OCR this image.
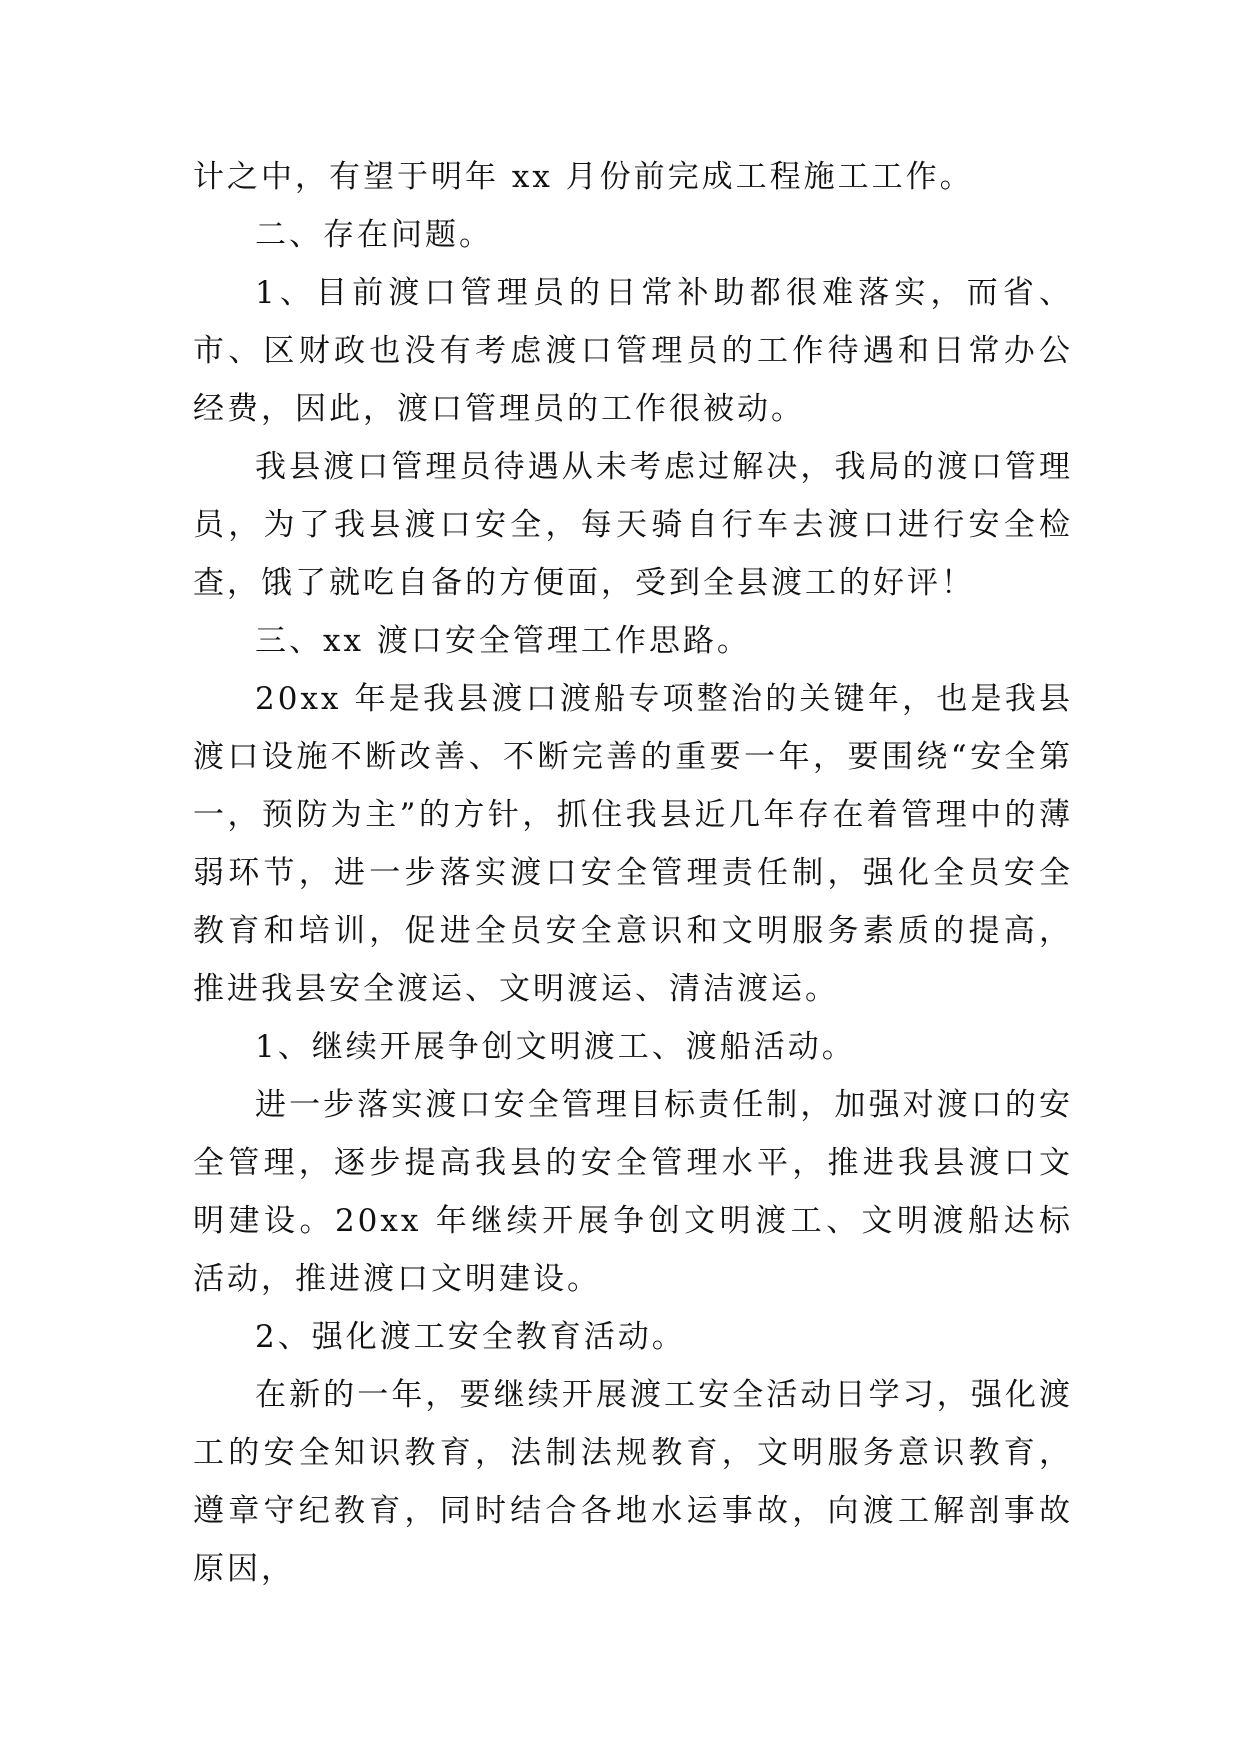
计之中，有望于明年 xx 月份前完成工程施工工作。

二、存在问题。

1、目前渡口管理员的日常补助都很难落实，而省、市、区财政也没有考虑渡口管理员的工作待遇和日常办公经费，因此，渡口管理员的工作很被动。

我县渡口管理员待遇从未考虑过解决，我局的渡口管理员，为了我县渡口安全，每天骑自行车去渡口进行安全检查，饿了就吃自备的方便面，受到全县渡工的好评！

三、xx 渡口安全管理工作思路。

20xx 年是我县渡口渡船专项整治的关键年，也是我县渡口设施不断改善、不断完善的重要一年，要围绕“安全第一，预防为主”的方针，抓住我县近几年存在着管理中的薄弱环节，进一步落实渡口安全管理责任制，强化全员安全教育和培训，促进全员安全意识和文明服务素质的提高，推进我县安全渡运、文明渡运、清洁渡运。

1、继续开展争创文明渡工、渡船活动。

进一步落实渡口安全管理目标责任制，加强对渡口的安全管理，逐步提高我县的安全管理水平，推进我县渡口文明建设。20xx 年继续开展争创文明渡工、文明渡船达标活动，推进渡口文明建设。

2、强化渡工安全教育活动。

在新的一年，要继续开展渡工安全活动日学习，强化渡工的安全知识教育，法制法规教育，文明服务意识教育，遵章守纪教育，同时结合各地水运事故，向渡工解剖事故原因，
